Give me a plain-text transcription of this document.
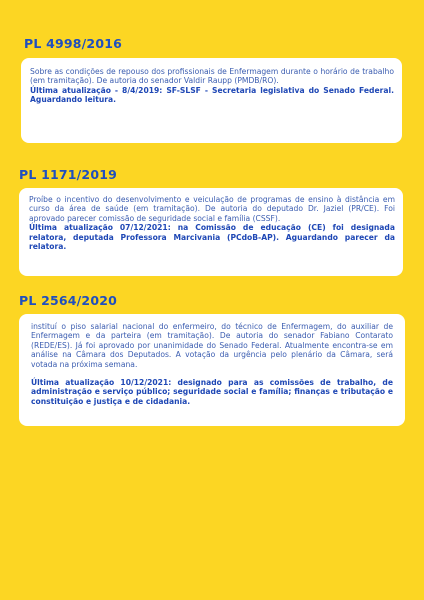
PL 4998/2016

Sobre as condições de repouso dos profissionais de Enfermagem durante o horário de trabalho (em tramitação). De autoria do senador Valdir Raupp (PMDB/RO).

Última atualização - 8/4/2019: SF-SLSF - Secretaria legislativa do Senado Federal. Aguardando leitura.

PL 1171/2019

Proíbe o incentivo do desenvolvimento e veiculação de programas de ensino à distância em curso da área de saúde (em tramitação). De autoria do deputado Dr. Jaziel (PR/CE). Foi aprovado parecer comissão de seguridade social e família (CSSF).

Última atualização 07/12/2021: na Comissão de educação (CE) foi designada relatora, deputada Professora Marcivania (PCdoB-AP). Aguardando parecer da relatora.

PL 2564/2020

instituí o piso salarial nacional do enfermeiro, do técnico de Enfermagem, do auxiliar de Enfermagem e da parteira (em tramitação). De autoria do senador Fabiano Contarato (REDE/ES). Já foi aprovado por unanimidade do Senado Federal. Atualmente encontra-se em análise na Câmara dos Deputados. A votação da urgência pelo plenário da Câmara, será votada na próxima semana.

Última atualização 10/12/2021: designado para as comissões de trabalho, de administração e serviço público; seguridade social e família; finanças e tributação e constituição e justiça e de cidadania.
